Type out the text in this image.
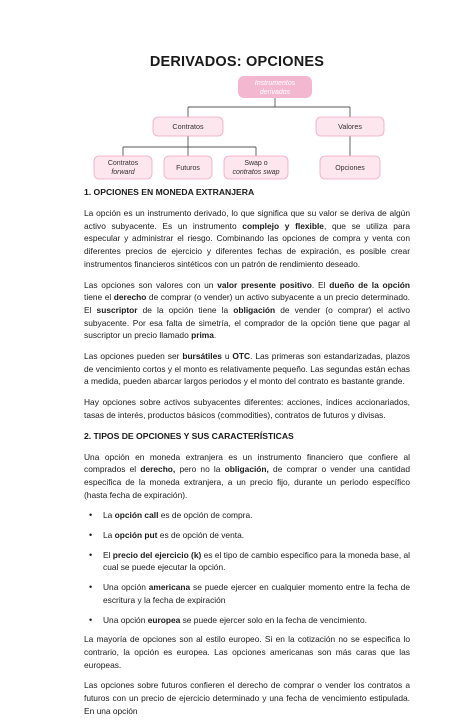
DERIVADOS: OPCIONES
Instrumentos
derivados
Contratos	Valores
Contratos
forward
Futuros
Swap o
contratos swap
Opciones
1. OPCIONES EN MONEDA EXTRANJERA

La opción es un instrumento derivado, lo que significa que su valor se deriva de algún activo subyacente. Es un instrumento complejo y flexible, que se utiliza para especular y administrar el riesgo. Combinando las opciones de compra y venta con diferentes precios de ejercicio y diferentes fechas de expiración, es posible crear instrumentos financieros sintéticos con un patrón de rendimiento deseado.

Las opciones son valores con un valor presente positivo. El dueño de la opción tiene el derecho de comprar (o vender) un activo subyacente a un precio determinado. El suscriptor de la opción tiene la obligación de vender (o comprar) el activo subyacente. Por esa falta de simetría, el comprador de la opción tiene que pagar al suscriptor un precio llamado prima.

Las opciones pueden ser bursátiles u OTC. Las primeras son estandarizadas, plazos de vencimiento cortos y el monto es relativamente pequeño. Las segundas están echas a medida, pueden abarcar largos periodos y el monto del contrato es bastante grande.

Hay opciones sobre activos subyacentes diferentes: acciones, índices accionariados, tasas de interés, productos básicos (commodities), contratos de futuros y divisas.

2. TIPOS DE OPCIONES Y SUS CARACTERÍSTICAS

Una opción en moneda extranjera es un instrumento financiero que confiere al comprados el derecho, pero no la obligación, de comprar o vender una cantidad especifica de la moneda extranjera, a un precio fijo, durante un periodo específico (hasta fecha de expiración).

• La opción call es de opción de compra.
• La opción put es de opción de venta.
• El precio del ejercicio (k) es el tipo de cambio especifico para la moneda base, al cual se puede ejecutar la opción.
• Una opción americana se puede ejercer en cualquier momento entre la fecha de escritura y la fecha de expiración
• Una opción europea se puede ejercer solo en la fecha de vencimiento.

La mayoría de opciones son al estilo europeo. Si en la cotización no se especifica lo contrario, la opción es europea. Las opciones americanas son más caras que las europeas.

Las opciones sobre futuros confieren el derecho de comprar o vender los contratos a futuros con un precio de ejercicio determinado y una fecha de vencimiento estipulada. En una opción
